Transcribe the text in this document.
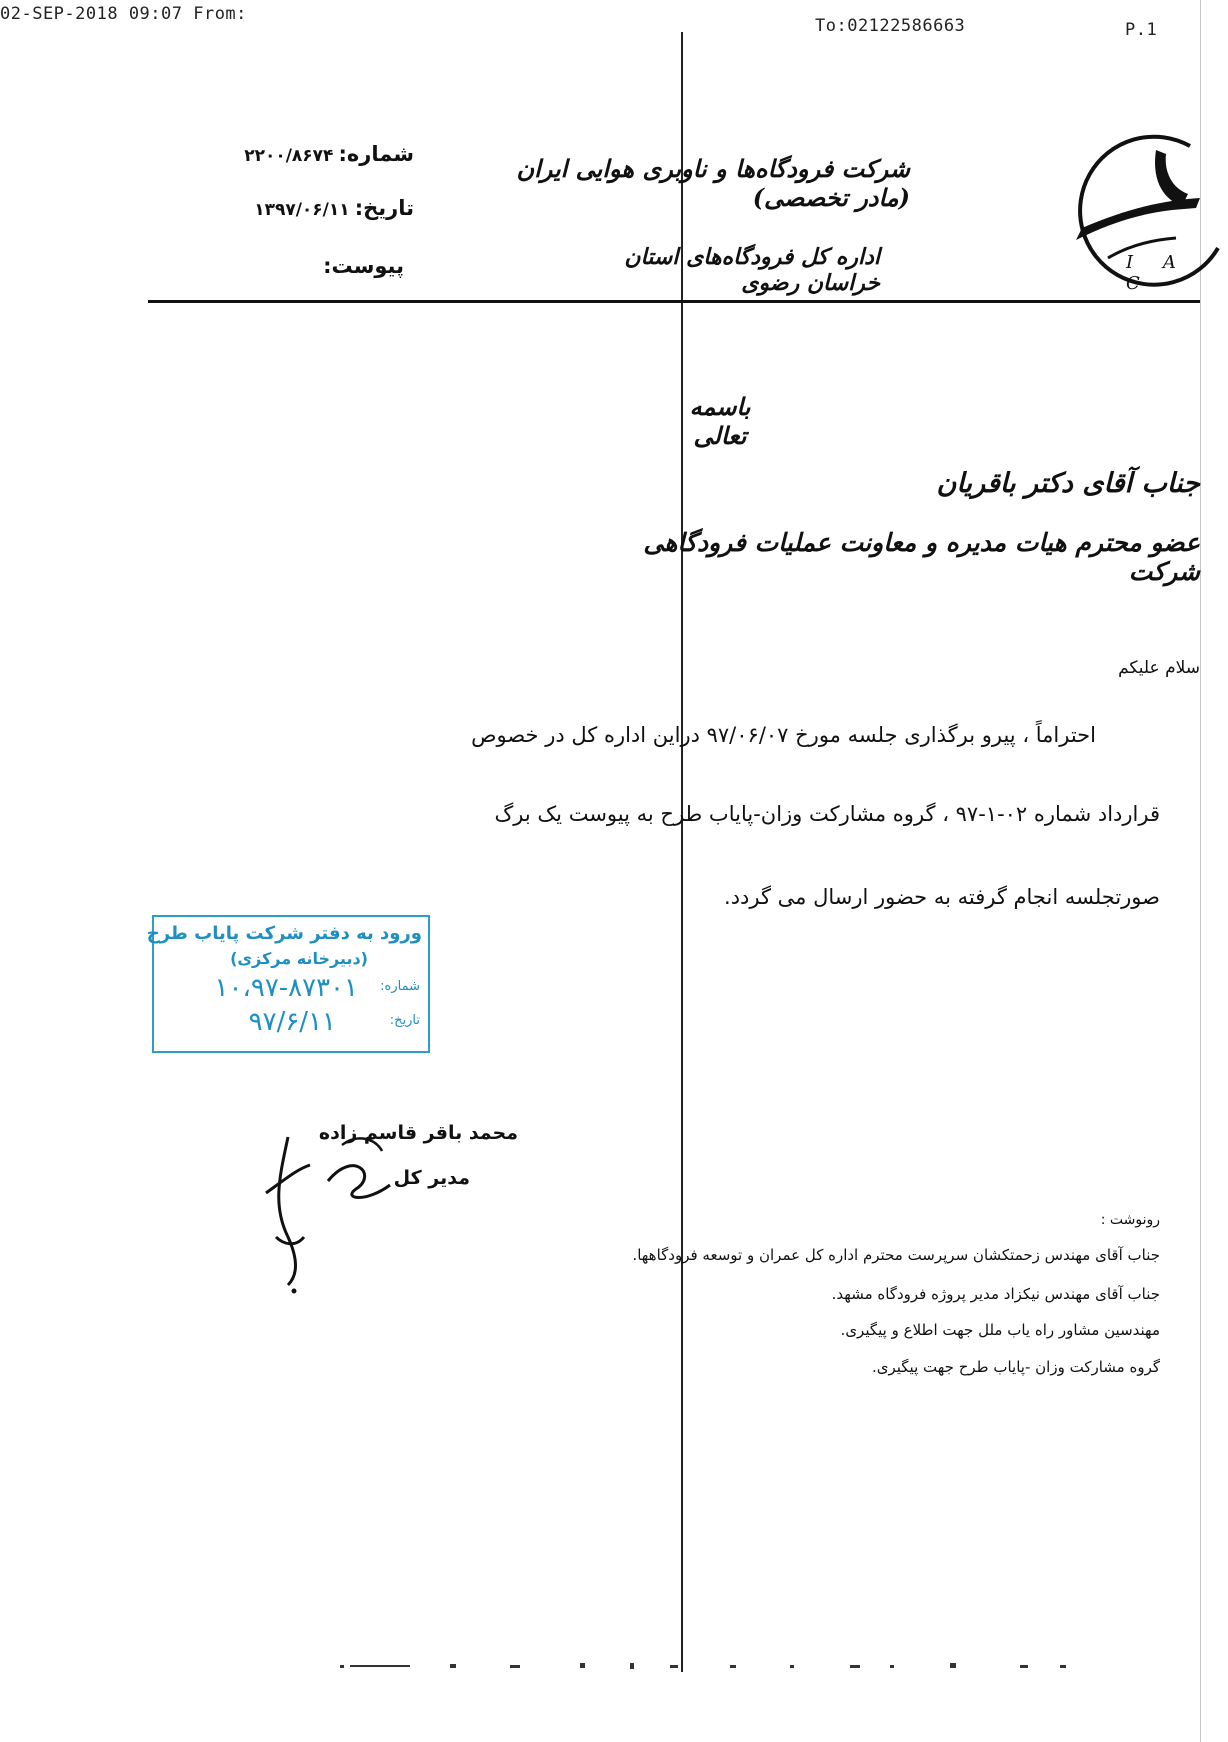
02-SEP-2018 09:07 From:
To:02122586663	P.1
شماره: ۲۲۰۰/۸۶۷۴
تاریخ: ۱۳۹۷/۰۶/۱۱
پیوست:
شرکت فرودگاه‌ها و ناوبری هوایی ایران (مادر تخصصی)
اداره کل فرودگاه‌های استان خراسان رضوی
I A C
باسمه تعالی
جناب آقای دکتر باقریان
عضو محترم هیات مدیره و معاونت عملیات فرودگاهی شرکت
سلام علیکم
احتراماً ، پیرو برگذاری جلسه مورخ ۹۷/۰۶/۰۷ دراین اداره کل در خصوص
قرارداد شماره ۰۲-۱-۹۷ ، گروه مشارکت وزان-پایاب طرح به پیوست یک برگ
صورتجلسه انجام گرفته به حضور ارسال می گردد.
ورود به دفتر شرکت پایاب طرح
(دبیرخانه مرکزی)
شماره:
۱۰،۹۷-۸۷۳۰۱
تاریخ:
۹۷/۶/۱۱
محمد باقر قاسم زاده
مدیر کل
رونوشت :
جناب آقای مهندس زحمتکشان سرپرست محترم اداره کل عمران و توسعه فرودگاهها.
جناب آقای مهندس نیکزاد مدیر پروژه فرودگاه مشهد.
مهندسین مشاور راه یاب ملل جهت اطلاع و پیگیری.
گروه مشارکت وزان -پایاب طرح جهت پیگیری.
